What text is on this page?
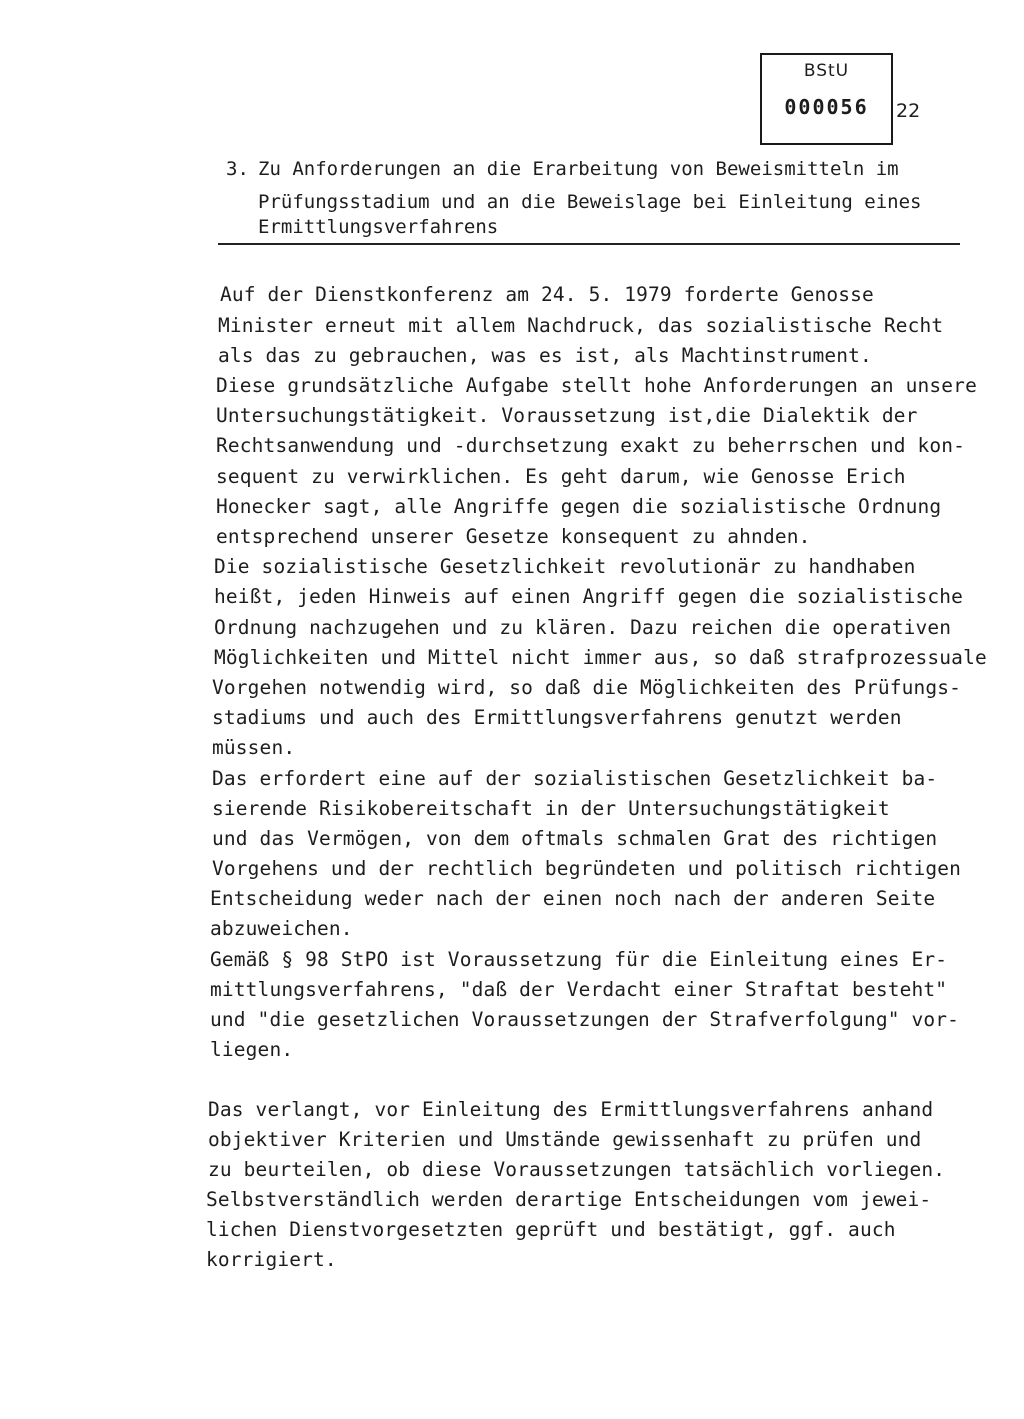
BStU
000056	22
3. Zu Anforderungen an die Erarbeitung von Beweismitteln im
Prüfungsstadium und an die Beweislage bei Einleitung eines
Ermittlungsverfahrens
Auf der Dienstkonferenz am 24. 5. 1979 forderte Genosse
Minister erneut mit allem Nachdruck, das sozialistische Recht
als das zu gebrauchen, was es ist, als Machtinstrument.
Diese grundsätzliche Aufgabe stellt hohe Anforderungen an unsere
Untersuchungstätigkeit. Voraussetzung ist,die Dialektik der
Rechtsanwendung und -durchsetzung exakt zu beherrschen und kon-
sequent zu verwirklichen. Es geht darum, wie Genosse Erich
Honecker sagt, alle Angriffe gegen die sozialistische Ordnung
entsprechend unserer Gesetze konsequent zu ahnden.
Die sozialistische Gesetzlichkeit revolutionär zu handhaben
heißt, jeden Hinweis auf einen Angriff gegen die sozialistische
Ordnung nachzugehen und zu klären. Dazu reichen die operativen
Möglichkeiten und Mittel nicht immer aus, so daß strafprozessuale
Vorgehen notwendig wird, so daß die Möglichkeiten des Prüfungs-
stadiums und auch des Ermittlungsverfahrens genutzt werden
müssen.
Das erfordert eine auf der sozialistischen Gesetzlichkeit ba-
sierende Risikobereitschaft in der Untersuchungstätigkeit
und das Vermögen, von dem oftmals schmalen Grat des richtigen
Vorgehens und der rechtlich begründeten und politisch richtigen
Entscheidung weder nach der einen noch nach der anderen Seite
abzuweichen.
Gemäß § 98 StPO ist Voraussetzung für die Einleitung eines Er-
mittlungsverfahrens, "daß der Verdacht einer Straftat besteht"
und "die gesetzlichen Voraussetzungen der Strafverfolgung" vor-
liegen.
Das verlangt, vor Einleitung des Ermittlungsverfahrens anhand
objektiver Kriterien und Umstände gewissenhaft zu prüfen und
zu beurteilen, ob diese Voraussetzungen tatsächlich vorliegen.
Selbstverständlich werden derartige Entscheidungen vom jewei-
lichen Dienstvorgesetzten geprüft und bestätigt, ggf. auch
korrigiert.
